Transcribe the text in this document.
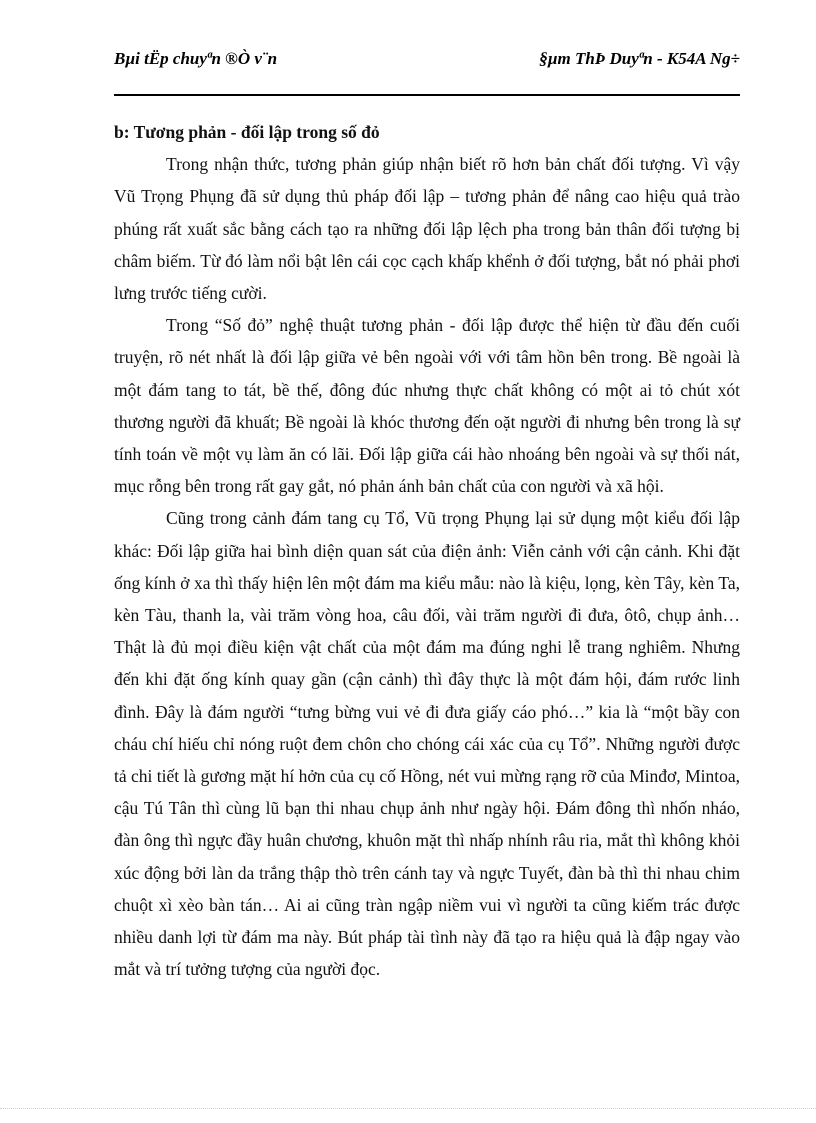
Bµi tËp chuyªn ®Ò v¨n	§µm ThÞ Duyªn - K54A Ng÷

b: Tương phản - đối lập trong số đỏ

Trong nhận thức, tương phản giúp nhận biết rõ hơn bản chất đối tượng. Vì vậy Vũ Trọng Phụng đã sử dụng thủ pháp đối lập – tương phản để nâng cao hiệu quả trào phúng rất xuất sắc bằng cách tạo ra những đối lập lệch pha trong bản thân đối tượng bị châm biếm. Từ đó làm nổi bật lên cái cọc cạch khấp khểnh ở đối tượng, bắt nó phải phơi lưng trước tiếng cười.

Trong “Số đỏ” nghệ thuật tương phản - đối lập được thể hiện từ đầu đến cuối truyện, rõ nét nhất là đối lập giữa vẻ bên ngoài với với tâm hồn bên trong. Bề ngoài là một đám tang to tát, bề thế, đông đúc nhưng thực chất không có một ai tỏ chút xót thương người đã khuất; Bề ngoài là khóc thương đến oặt người đi nhưng bên trong là sự tính toán về một vụ làm ăn có lãi. Đối lập giữa cái hào nhoáng bên ngoài và sự thối nát, mục rỗng bên trong rất gay gắt, nó phản ánh bản chất của con người và xã hội.

Cũng trong cảnh đám tang cụ Tổ, Vũ trọng Phụng lại sử dụng một kiểu đối lập khác: Đối lập giữa hai bình diện quan sát của điện ảnh: Viễn cảnh với cận cảnh. Khi đặt ống kính ở xa thì thấy hiện lên một đám ma kiểu mẫu: nào là kiệu, lọng, kèn Tây, kèn Ta, kèn Tàu, thanh la, vài trăm vòng hoa, câu đối, vài trăm người đi đưa, ôtô, chụp ảnh… Thật là đủ mọi điều kiện vật chất của một đám ma đúng nghi lễ trang nghiêm. Nhưng đến khi đặt ống kính quay gần (cận cảnh) thì đây thực là một đám hội, đám rước linh đình. Đây là đám người “tưng bừng vui vẻ đi đưa giấy cáo phó…” kia là “một bầy con cháu chí hiếu chỉ nóng ruột đem chôn cho chóng cái xác của cụ Tổ”. Những người được tả chi tiết là gương mặt hí hởn của cụ cố Hồng, nét vui mừng rạng rỡ của Minđơ, Mintoa, cậu Tú Tân thì cùng lũ bạn thi nhau chụp ảnh như ngày hội. Đám đông thì nhốn nháo, đàn ông thì ngực đầy huân chương, khuôn mặt thì nhấp nhính râu ria, mắt thì không khỏi xúc động bởi làn da trắng thập thò trên cánh tay và ngực Tuyết, đàn bà thì thi nhau chim chuột xì xèo bàn tán… Ai ai cũng tràn ngập niềm vui vì người ta cũng kiếm trác được nhiều danh lợi từ đám ma này. Bút pháp tài tình này đã tạo ra hiệu quả là đập ngay vào mắt và trí tưởng tượng của người đọc.
